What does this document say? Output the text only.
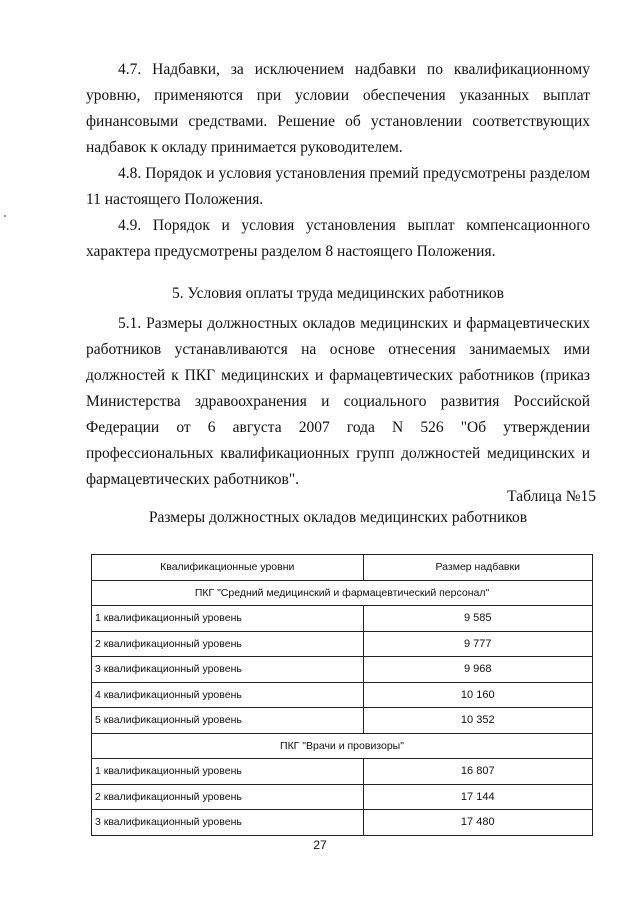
4.7. Надбавки, за исключением надбавки по квалификационному уровню, применяются при условии обеспечения указанных выплат финансовыми средствами. Решение об установлении соответствующих надбавок к окладу принимается руководителем.

4.8. Порядок и условия установления премий предусмотрены разделом 11 настоящего Положения.

4.9. Порядок и условия установления выплат компенсационного характера предусмотрены разделом 8 настоящего Положения.

5. Условия оплаты труда медицинских работников

5.1. Размеры должностных окладов медицинских и фармацевтических работников устанавливаются на основе отнесения занимаемых ими должностей к ПКГ медицинских и фармацевтических работников (приказ Министерства здравоохранения и социального развития Российской Федерации от 6 августа 2007 года N 526 "Об утверждении профессиональных квалификационных групп должностей медицинских и фармацевтических работников".

Таблица №15

Размеры должностных окладов медицинских работников

Квалификационные уровни	Размер надбавки
ПКГ "Средний медицинский и фармацевтический персонал"	
1 квалификационный уровень	9 585
2 квалификационный уровень	9 777
3 квалификационный уровень	9 968
4 квалификационный уровень	10 160
5 квалификационный уровень	10 352
ПКГ "Врачи и провизоры"	
1 квалификационный уровень	16 807
2 квалификационный уровень	17 144
3 квалификационный уровень	17 480
27
